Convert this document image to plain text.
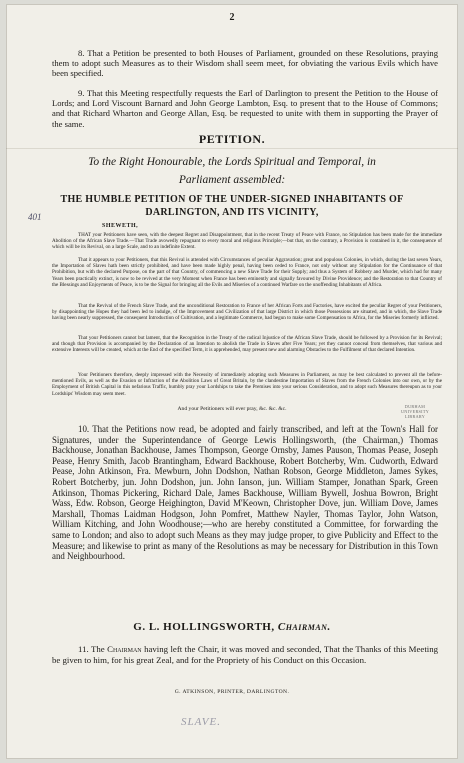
2
8. That a Petition be presented to both Houses of Parliament, grounded on these Resolutions, praying them to adopt such Measures as to their Wisdom shall seem meet, for obviating the various Evils which have been specified.
9. That this Meeting respectfully requests the Earl of Darlington to present the Petition to the House of Lords; and Lord Viscount Barnard and John George Lambton, Esq. to present that to the House of Commons; and that Richard Wharton and George Allan, Esq. be requested to unite with them in supporting the Prayer of the same.
PETITION.
To the Right Honourable, the Lords Spiritual and Temporal, in
Parliament assembled:
THE HUMBLE PETITION OF THE UNDER-SIGNED INHABITANTS OF
DARLINGTON, AND ITS VICINITY,
401
SHEWETH,
THAT your Petitioners have seen, with the deepest Regret and Disappointment, that in the recent Treaty of Peace with France, no Stipulation has been made for the immediate Abolition of the African Slave Trade.—That Trade avowedly repugnant to every moral and religious Principle;—but that, on the contrary, a Provision is contained in it, the consequence of which will be its Revival, on a large Scale, and to an indefinite Extent.
That it appears to your Petitioners, that this Revival is attended with Circumstances of peculiar Aggravation; great and populous Colonies, in which, during the last seven Years, the Importation of Slaves hath been strictly prohibited, and have been made highly penal, having been ceded to France, not only without any Stipulation for the Continuance of that Prohibition, but with the declared Purpose, on the part of that Country, of commencing a new Slave Trade for their Supply; and thus a System of Robbery and Murder, which had for many Years been practically extinct, is now to be revived at the very Moment when France has been eminently and signally favoured by Divine Providence; and the Restoration to that Country of the Blessings and Enjoyments of Peace, is to be the Signal for bringing all the Evils and Miseries of a continued Warfare on the unoffending Inhabitants of Africa.
That the Revival of the French Slave Trade, and the unconditional Restoration to France of her African Forts and Factories, have excited the peculiar Regret of your Petitioners, by disappointing the Hopes they had been led to indulge, of the Improvement and Civilization of that large District in which those Possessions are situated, and in which, the Slave Trade having been nearly suppressed, the consequent Introduction of Cultivation, and a legitimate Commerce, had begun to make some Compensation to Africa, for the Miseries formerly inflicted.
That your Petitioners cannot but lament, that the Recognition in the Treaty of the radical Injustice of the African Slave Trade, should be followed by a Provision for its Revival; and though that Provision is accompanied by the Declaration of an Intention to abolish the Trade in Slaves after Five Years; yet they cannot conceal from themselves, that various and extensive Interests will be created, which at the End of the specified Term, it is apprehended, may present new and alarming Obstacles to the Fulfilment of that declared Intention.
Your Petitioners therefore, deeply impressed with the Necessity of immediately adopting such Measures in Parliament, as may be best calculated to prevent all the before-mentioned Evils, as well as the Evasion or Infraction of the Abolition Laws of Great Britain, by the clandestine Importation of Slaves from the French Colonies into our own, or by the Employment of British Capital in this nefarious Traffic, humbly pray your Lordships to take the Premises into your serious Consideration, and to adopt such Measures thereupon as to your Lordships' Wisdom may seem meet.
And your Petitioners will ever pray, &c. &c. &c.	DURHAM
UNIVERSITY
LIBRARY
10. That the Petitions now read, be adopted and fairly transcribed, and left at the Town's Hall for Signatures, under the Superintendance of George Lewis Hollingsworth, (the Chairman,) Thomas Backhouse, Jonathan Backhouse, James Thompson, George Ornsby, James Pauson, Thomas Pease, Joseph Pease, Henry Smith, Jacob Brantingham, Edward Backhouse, Robert Botcherby, Wm. Cudworth, Edward Pease, John Atkinson, Fra. Mewburn, John Dodshon, Nathan Robson, George Middleton, James Sykes, Robert Botcherby, jun. John Dodshon, jun. John Ianson, jun. William Stamper, Jonathan Spark, Green Atkinson, Thomas Pickering, Richard Dale, James Backhouse, William Bywell, Joshua Bowron, Bright Wass, Edw. Robson, George Heighington, David M'Keown, Christopher Dove, jun. William Dove, James Marshall, Thomas Laidman Hodgson, John Pomfret, Matthew Nayler, Thomas Taylor, John Watson, William Kitching, and John Woodhouse;—who are hereby constituted a Committee, for forwarding the same to London; and also to adopt such Means as they may judge proper, to give Publicity and Effect to the Measure; and likewise to print as many of the Resolutions as may be necessary for Distribution in this Town and Neighbourhood.
G. L. HOLLINGSWORTH, Chairman.
11. The Chairman having left the Chair, it was moved and seconded, That the Thanks of this Meeting be given to him, for his great Zeal, and for the Propriety of his Conduct on this Occasion.
G. ATKINSON, PRINTER, DARLINGTON.
SLAVE.
